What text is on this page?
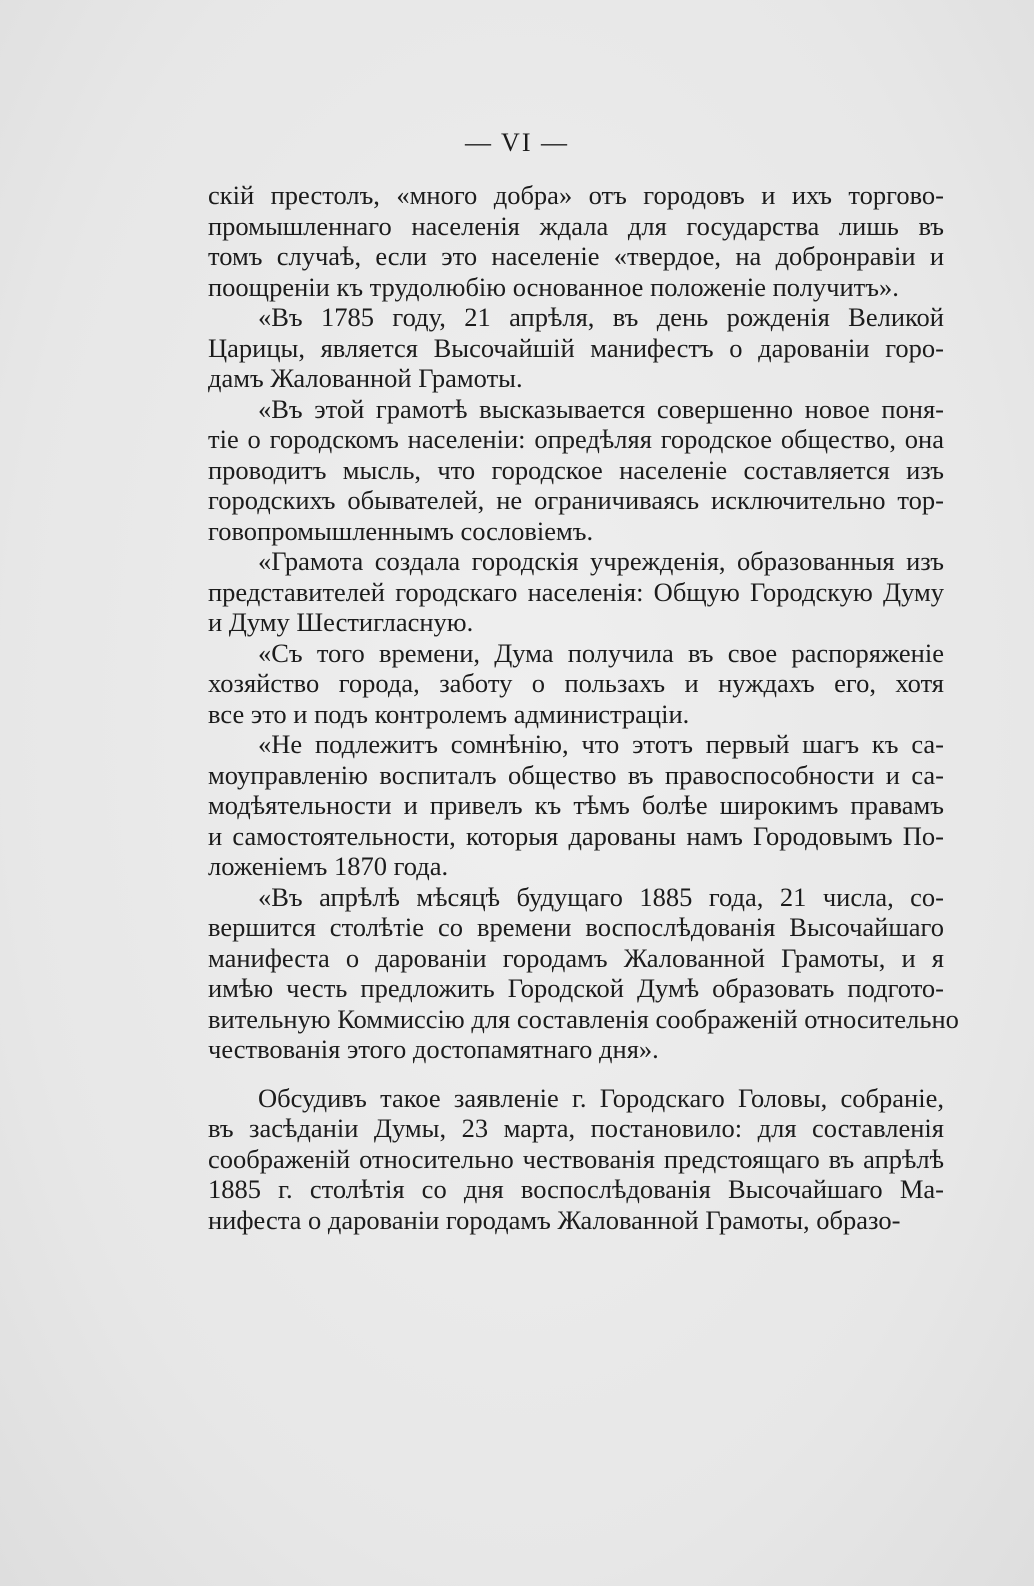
— VI —
скій престолъ, «много добра» отъ городовъ и ихъ торгово-
промышленнаго населенія ждала для государства лишь въ
томъ случаѣ, если это населеніе «твердое, на добронравіи и
поощреніи къ трудолюбію основанное положеніе получитъ».
«Въ 1785 году, 21 апрѣля, въ день рожденія Великой
Царицы, является Высочайшій манифестъ о дарованіи горо-
дамъ Жалованной Грамоты.
«Въ этой грамотѣ высказывается совершенно новое поня-
тіе о городскомъ населеніи: опредѣляя городское общество, она
проводитъ мысль, что городское населеніе составляется изъ
городскихъ обывателей, не ограничиваясь исключительно тор-
говопромышленнымъ сословіемъ.
«Грамота создала городскія учрежденія, образованныя изъ
представителей городскаго населенія: Общую Городскую Думу
и Думу Шестигласную.
«Съ того времени, Дума получила въ свое распоряженіе
хозяйство города, заботу о пользахъ и нуждахъ его, хотя
все это и подъ контролемъ администраціи.
«Не подлежитъ сомнѣнію, что этотъ первый шагъ къ са-
моуправленію воспиталъ общество въ правоспособности и са-
модѣятельности и привелъ къ тѣмъ болѣе широкимъ правамъ
и самостоятельности, которыя дарованы намъ Городовымъ По-
ложеніемъ 1870 года.
«Въ апрѣлѣ мѣсяцѣ будущаго 1885 года, 21 числа, со-
вершится столѣтіе со времени воспослѣдованія Высочайшаго
манифеста о дарованіи городамъ Жалованной Грамоты, и я
имѣю честь предложить Городской Думѣ образовать подгото-
вительную Коммиссію для составленія соображеній относительно
чествованія этого достопамятнаго дня».
Обсудивъ такое заявленіе г. Городскаго Головы, собраніе,
въ засѣданіи Думы, 23 марта, постановило: для составленія
соображеній относительно чествованія предстоящаго въ апрѣлѣ
1885 г. столѣтія со дня воспослѣдованія Высочайшаго Ма-
нифеста о дарованіи городамъ Жалованной Грамоты, образо-
